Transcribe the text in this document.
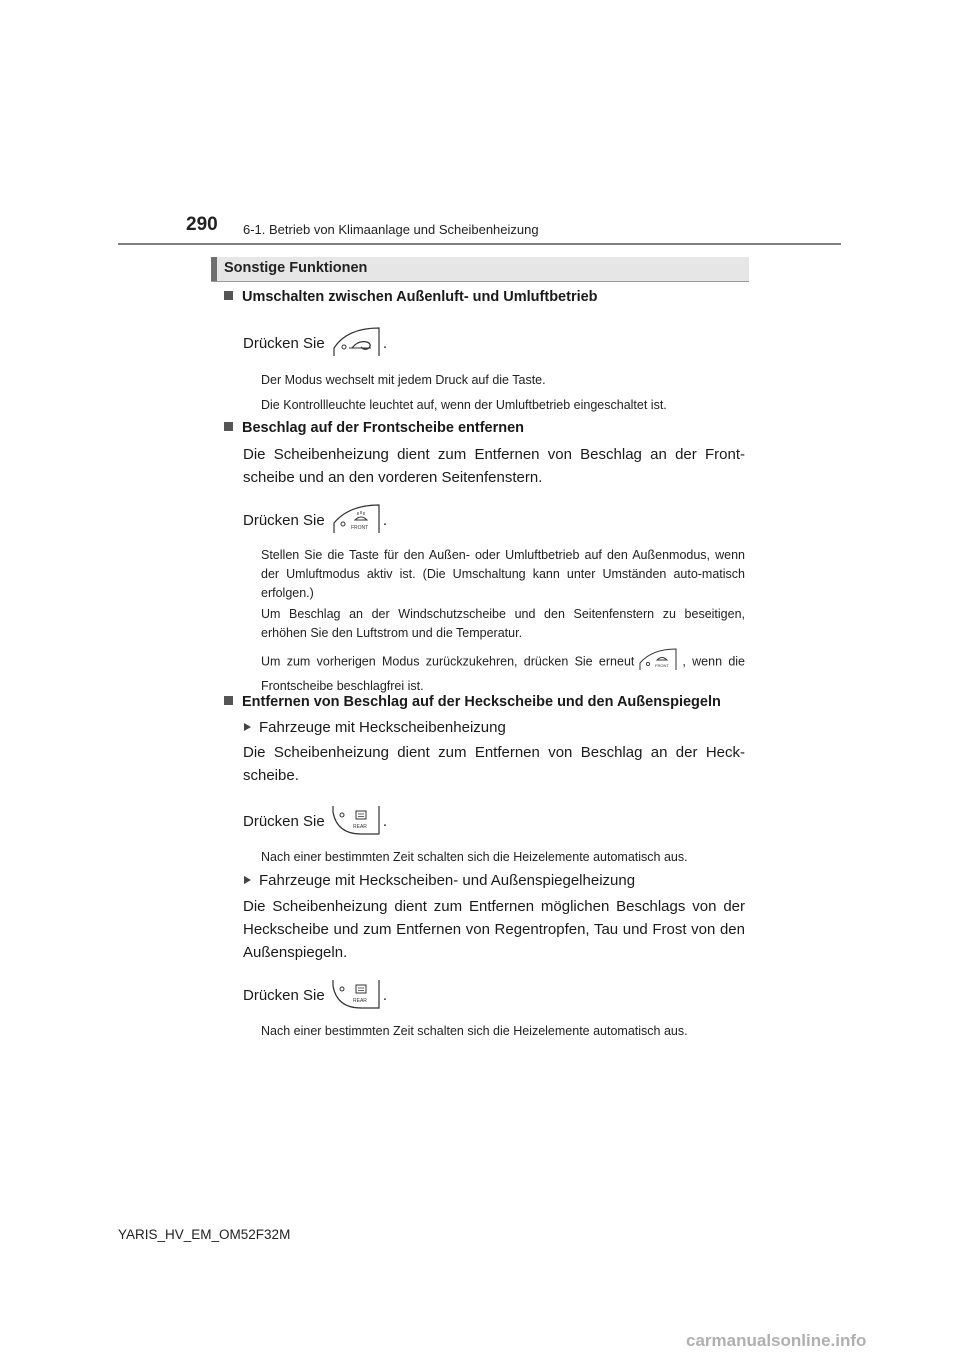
290 6-1. Betrieb von Klimaanlage und Scheibenheizung
Sonstige Funktionen
Umschalten zwischen Außenluft- und Umluftbetrieb
Drücken Sie	.
Der Modus wechselt mit jedem Druck auf die Taste.
Die Kontrollleuchte leuchtet auf, wenn der Umluftbetrieb eingeschaltet ist.
Beschlag auf der Frontscheibe entfernen
Die Scheibenheizung dient zum Entfernen von Beschlag an der Front-scheibe und an den vorderen Seitenfenstern.
Drücken Sie	FRONT .
Stellen Sie die Taste für den Außen- oder Umluftbetrieb auf den Außenmodus, wenn der Umluftmodus aktiv ist. (Die Umschaltung kann unter Umständen auto-matisch erfolgen.)
Um Beschlag an der Windschutzscheibe und den Seitenfenstern zu beseitigen, erhöhen Sie den Luftstrom und die Temperatur.
Um zum vorherigen Modus zurückzukehren, drücken Sie erneut	FRONT , wenn die Frontscheibe beschlagfrei ist.
Entfernen von Beschlag auf der Heckscheibe und den Außenspiegeln
Fahrzeuge mit Heckscheibenheizung
Die Scheibenheizung dient zum Entfernen von Beschlag an der Heck-scheibe.
Drücken Sie	REAR .
Nach einer bestimmten Zeit schalten sich die Heizelemente automatisch aus.
Fahrzeuge mit Heckscheiben- und Außenspiegelheizung
Die Scheibenheizung dient zum Entfernen möglichen Beschlags von der Heckscheibe und zum Entfernen von Regentropfen, Tau und Frost von den Außenspiegeln.
Drücken Sie	REAR .
Nach einer bestimmten Zeit schalten sich die Heizelemente automatisch aus.
YARIS_HV_EM_OM52F32M
carmanualsonline.info
